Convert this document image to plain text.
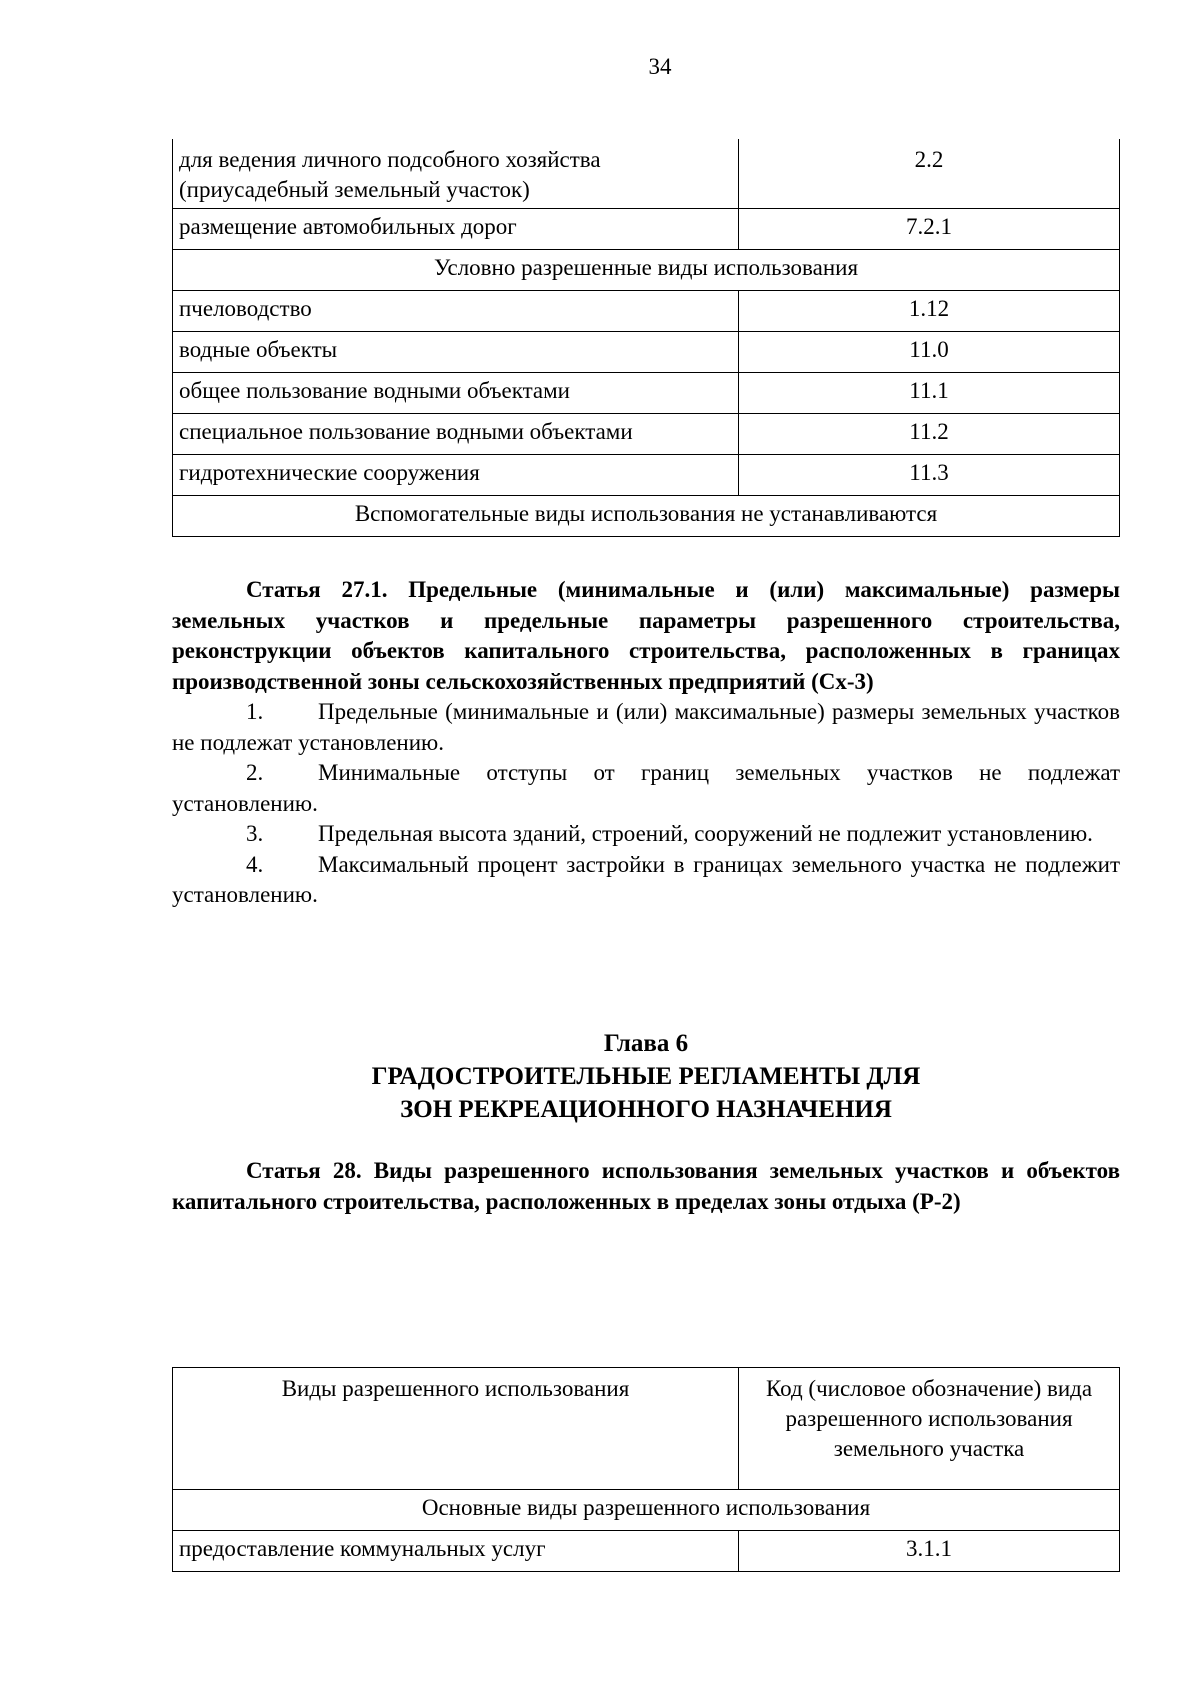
34
для ведения личного подсобного хозяйства (приусадебный земельный участок)	2.2
размещение автомобильных дорог	7.2.1
Условно разрешенные виды использования	
пчеловодство	1.12
водные объекты	11.0
общее пользование водными объектами	11.1
специальное пользование водными объектами	11.2
гидротехнические сооружения	11.3
Вспомогательные виды использования не устанавливаются	

Статья 27.1. Предельные (минимальные и (или) максимальные) размеры земельных участков и предельные параметры разрешенного строительства, реконструкции объектов капитального строительства, расположенных в границах производственной зоны сельскохозяйственных предприятий (Сх-3)

1. Предельные (минимальные и (или) максимальные) размеры земельных участков не подлежат установлению.

2. Минимальные отступы от границ земельных участков не подлежат установлению.

3. Предельная высота зданий, строений, сооружений не подлежит установлению.

4. Максимальный процент застройки в границах земельного участка не подлежит установлению.

Глава 6
ГРАДОСТРОИТЕЛЬНЫЕ РЕГЛАМЕНТЫ ДЛЯ
ЗОН РЕКРЕАЦИОННОГО НАЗНАЧЕНИЯ

Статья 28. Виды разрешенного использования земельных участков и объектов капитального строительства, расположенных в пределах зоны отдыха (Р-2)

Виды разрешенного использования	Код (числовое обозначение) вида разрешенного использования земельного участка
Основные виды разрешенного использования	
предоставление коммунальных услуг	3.1.1
